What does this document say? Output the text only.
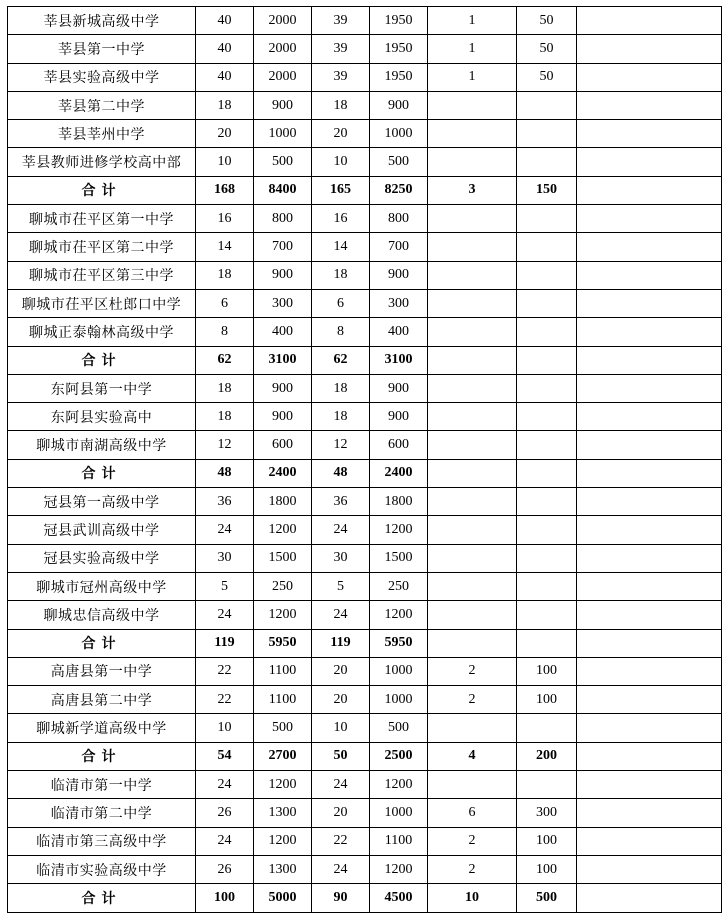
莘县新城高级中学	40	2000	39	1950	1	50	
莘县第一中学	40	2000	39	1950	1	50	
莘县实验高级中学	40	2000	39	1950	1	50	
莘县第二中学	18	900	18	900			
莘县莘州中学	20	1000	20	1000			
莘县教师进修学校高中部	10	500	10	500			
合计	168	8400	165	8250	3	150	
聊城市茌平区第一中学	16	800	16	800			
聊城市茌平区第二中学	14	700	14	700			
聊城市茌平区第三中学	18	900	18	900			
聊城市茌平区杜郎口中学	6	300	6	300			
聊城正泰翰林高级中学	8	400	8	400			
合计	62	3100	62	3100			
东阿县第一中学	18	900	18	900			
东阿县实验高中	18	900	18	900			
聊城市南湖高级中学	12	600	12	600			
合计	48	2400	48	2400			
冠县第一高级中学	36	1800	36	1800			
冠县武训高级中学	24	1200	24	1200			
冠县实验高级中学	30	1500	30	1500			
聊城市冠州高级中学	5	250	5	250			
聊城忠信高级中学	24	1200	24	1200			
合计	119	5950	119	5950			
高唐县第一中学	22	1100	20	1000	2	100	
高唐县第二中学	22	1100	20	1000	2	100	
聊城新学道高级中学	10	500	10	500			
合计	54	2700	50	2500	4	200	
临清市第一中学	24	1200	24	1200			
临清市第二中学	26	1300	20	1000	6	300	
临清市第三高级中学	24	1200	22	1100	2	100	
临清市实验高级中学	26	1300	24	1200	2	100	
合计	100	5000	90	4500	10	500	
